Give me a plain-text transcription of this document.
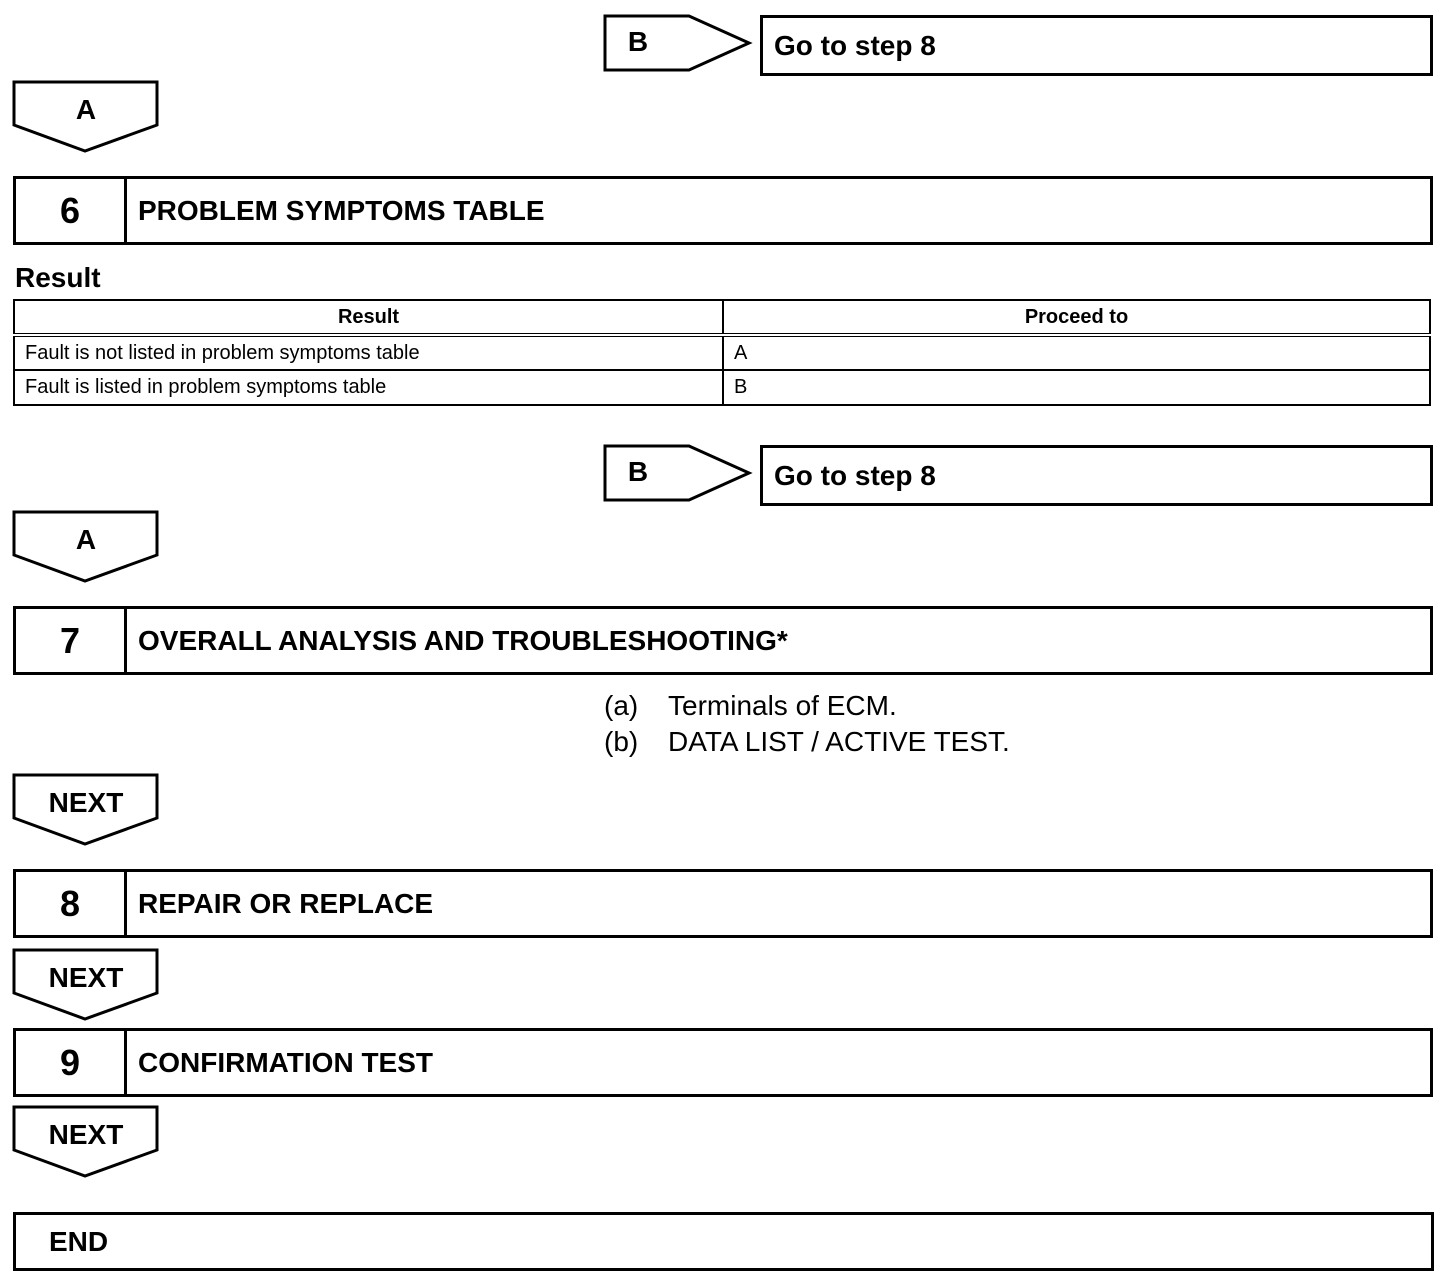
B	Go to step 8
A
6	PROBLEM SYMPTOMS TABLE
Result
Result	Proceed to
Fault is not listed in problem symptoms table	A
Fault is listed in problem symptoms table	B
B	Go to step 8
A
7	OVERALL ANALYSIS AND TROUBLESHOOTING*
(a)	Terminals of ECM.
(b)	DATA LIST / ACTIVE TEST.
NEXT
8	REPAIR OR REPLACE
NEXT
9	CONFIRMATION TEST
NEXT
END
